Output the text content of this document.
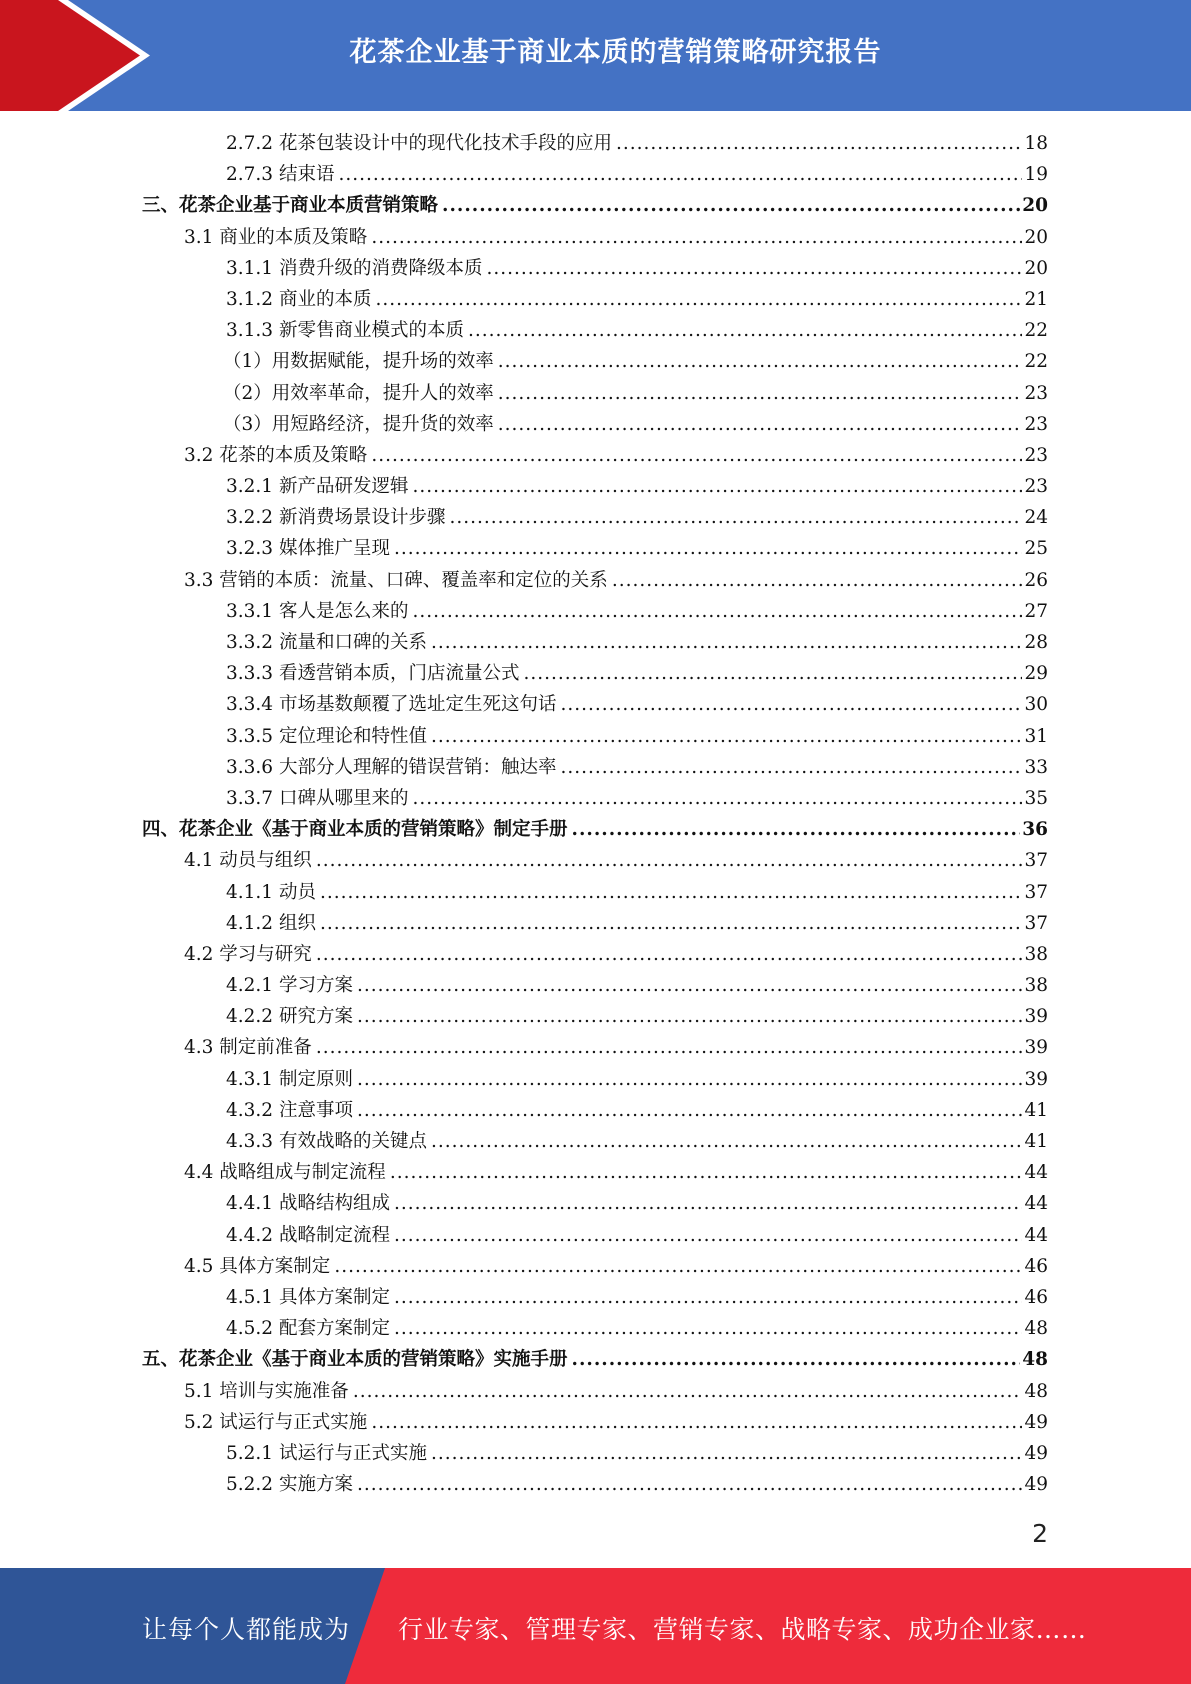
花茶企业基于商业本质的营销策略研究报告
2.7.2 花茶包装设计中的现代化技术手段的应用 .....	18
2.7.3 结束语 .....	19
三、花茶企业基于商业本质营销策略 .....	20
3.1 商业的本质及策略 .....	20
3.1.1 消费升级的消费降级本质 .....	20
3.1.2 商业的本质 .....	21
3.1.3 新零售商业模式的本质 .....	22
（1）用数据赋能，提升场的效率 .....	22
（2）用效率革命，提升人的效率 .....	23
（3）用短路经济，提升货的效率 .....	23
3.2 花茶的本质及策略 .....	23
3.2.1 新产品研发逻辑 .....	23
3.2.2 新消费场景设计步骤 .....	24
3.2.3 媒体推广呈现 .....	25
3.3 营销的本质：流量、口碑、覆盖率和定位的关系 .....	26
3.3.1 客人是怎么来的 .....	27
3.3.2 流量和口碑的关系 .....	28
3.3.3 看透营销本质，门店流量公式 .....	29
3.3.4 市场基数颠覆了选址定生死这句话 .....	30
3.3.5 定位理论和特性值 .....	31
3.3.6 大部分人理解的错误营销：触达率 .....	33
3.3.7 口碑从哪里来的 .....	35
四、花茶企业《基于商业本质的营销策略》制定手册 .....	36
4.1 动员与组织 .....	37
4.1.1 动员 .....	37
4.1.2 组织 .....	37
4.2 学习与研究 .....	38
4.2.1 学习方案 .....	38
4.2.2 研究方案 .....	39
4.3 制定前准备 .....	39
4.3.1 制定原则 .....	39
4.3.2 注意事项 .....	41
4.3.3 有效战略的关键点 .....	41
4.4 战略组成与制定流程 .....	44
4.4.1 战略结构组成 .....	44
4.4.2 战略制定流程 .....	44
4.5 具体方案制定 .....	46
4.5.1 具体方案制定 .....	46
4.5.2 配套方案制定 .....	48
五、花茶企业《基于商业本质的营销策略》实施手册 .....	48
5.1 培训与实施准备 .....	48
5.2 试运行与正式实施 .....	49
5.2.1 试运行与正式实施 .....	49
5.2.2 实施方案 .....	49
2
让每个人都能成为 行业专家、管理专家、营销专家、战略专家、成功企业家……
